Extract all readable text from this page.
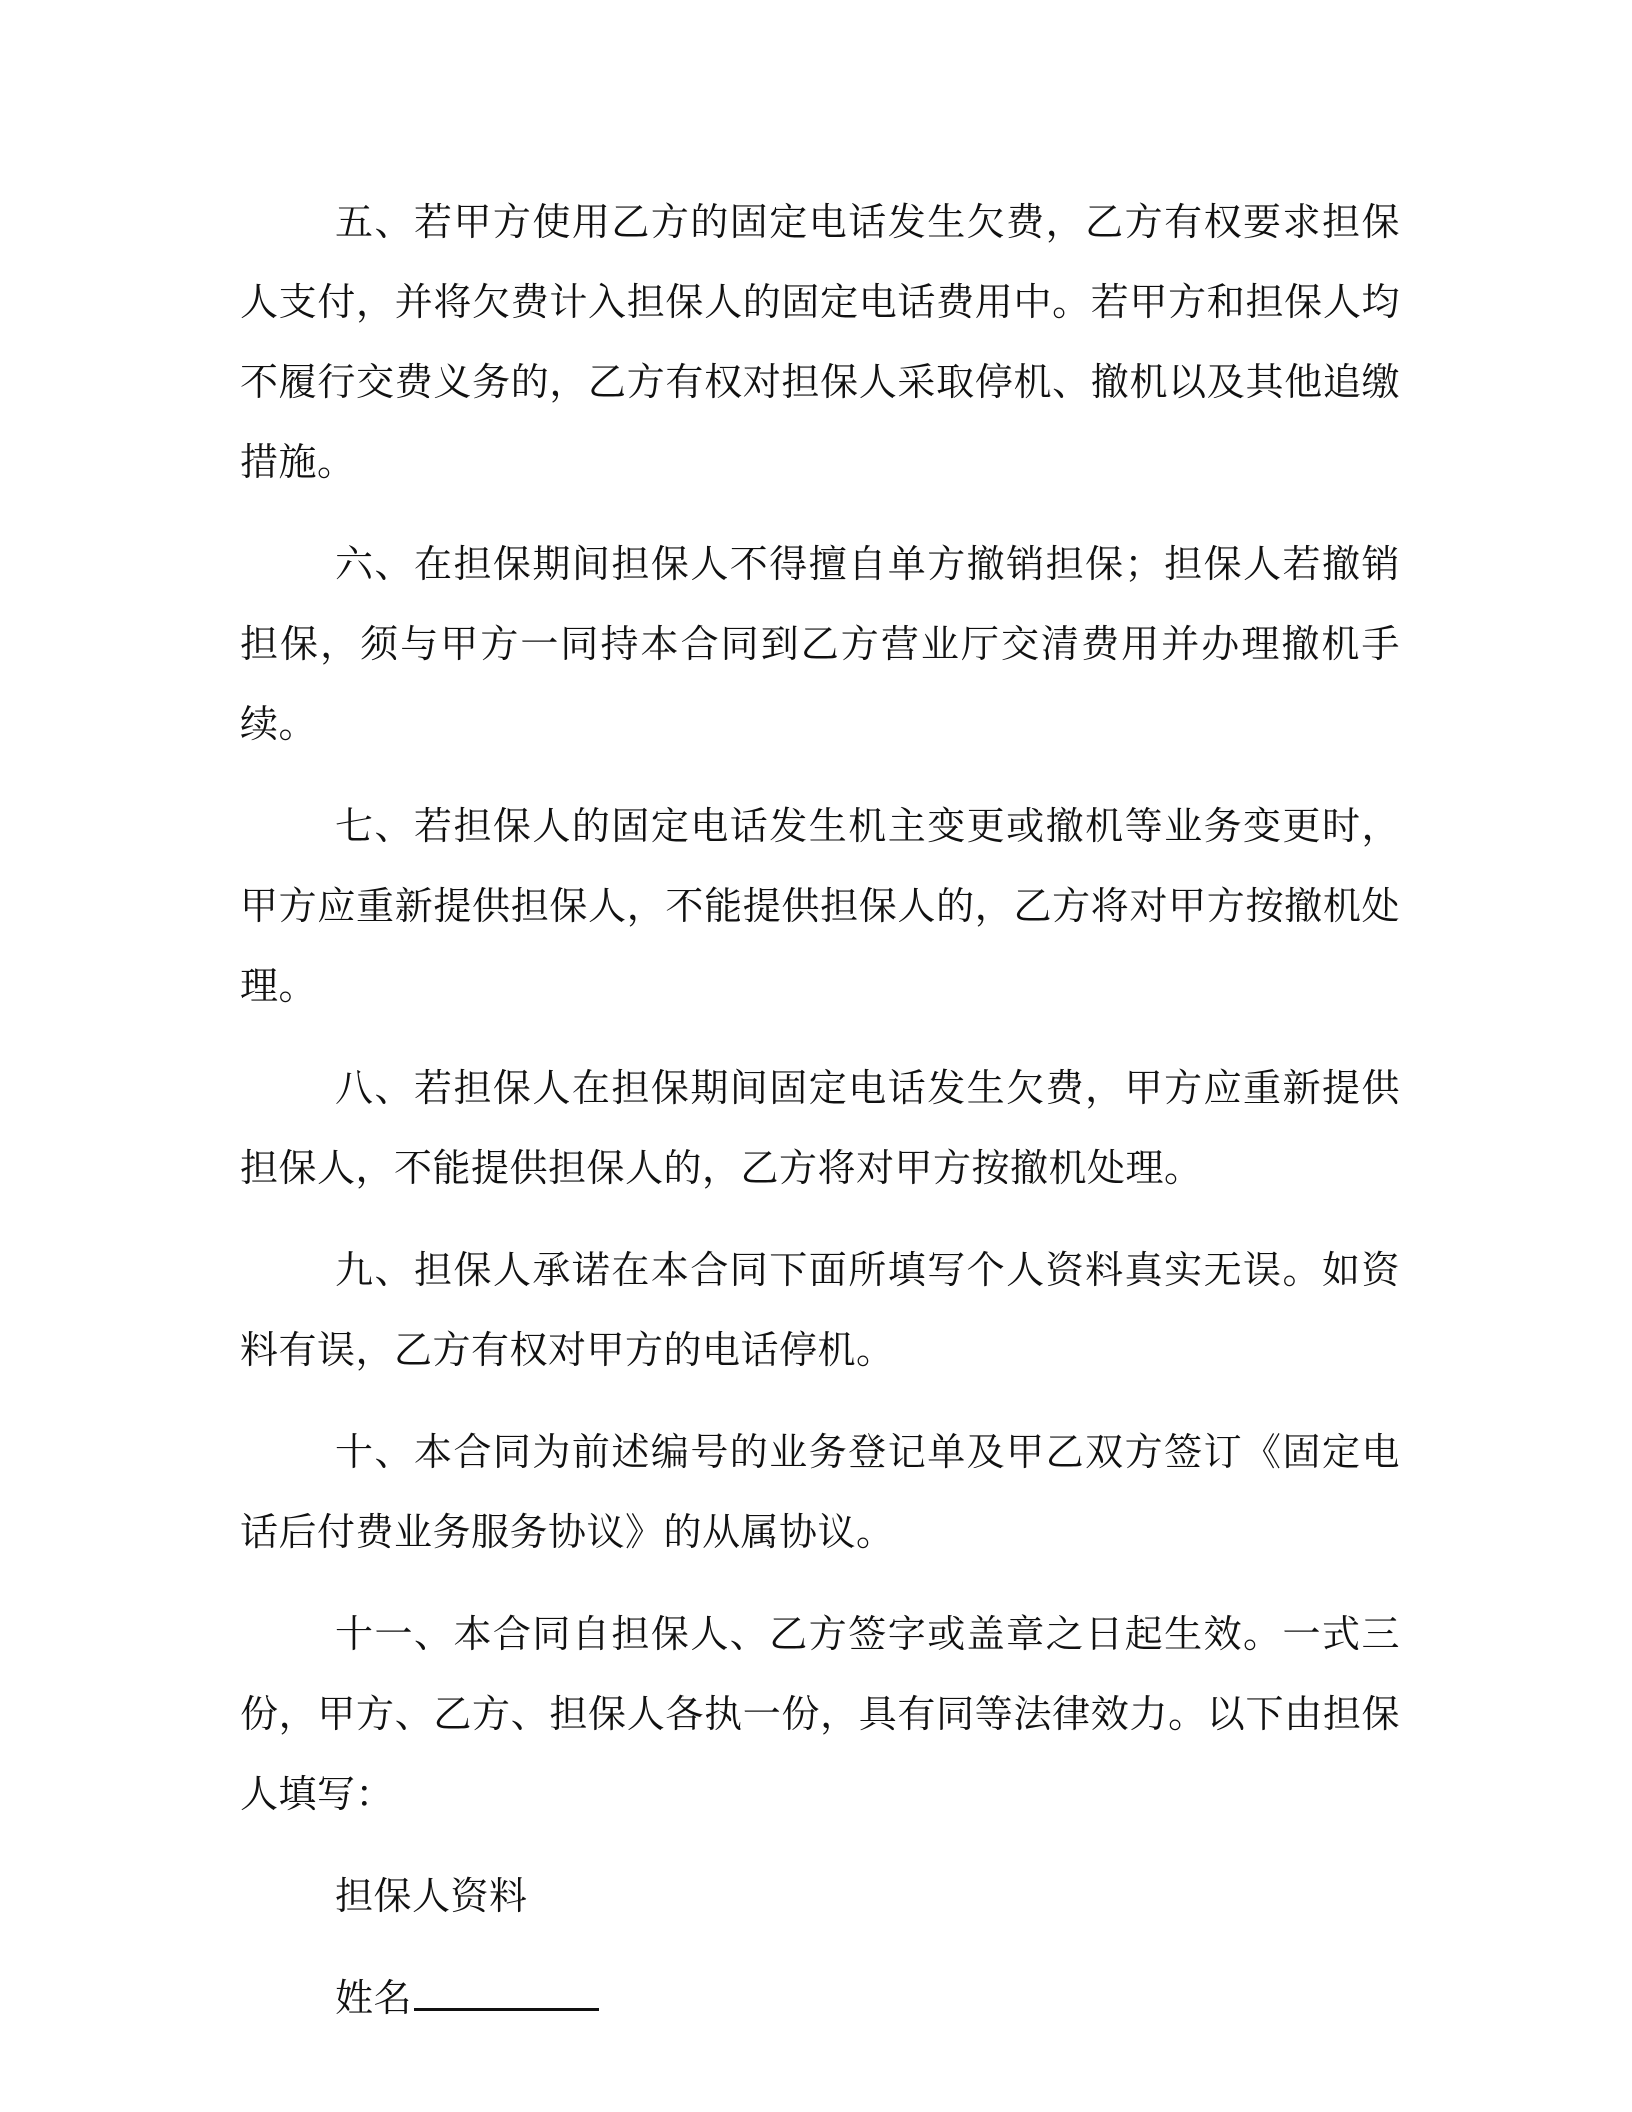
五、若甲方使用乙方的固定电话发生欠费，乙方有权要求担保人支付，并将欠费计入担保人的固定电话费用中。若甲方和担保人均不履行交费义务的，乙方有权对担保人采取停机、撤机以及其他追缴措施。

六、在担保期间担保人不得擅自单方撤销担保；担保人若撤销担保，须与甲方一同持本合同到乙方营业厅交清费用并办理撤机手续。

七、若担保人的固定电话发生机主变更或撤机等业务变更时，甲方应重新提供担保人，不能提供担保人的，乙方将对甲方按撤机处理。

八、若担保人在担保期间固定电话发生欠费，甲方应重新提供担保人，不能提供担保人的，乙方将对甲方按撤机处理。

九、担保人承诺在本合同下面所填写个人资料真实无误。如资料有误，乙方有权对甲方的电话停机。

十、本合同为前述编号的业务登记单及甲乙双方签订《固定电话后付费业务服务协议》的从属协议。

十一、本合同自担保人、乙方签字或盖章之日起生效。一式三份，甲方、乙方、担保人各执一份，具有同等法律效力。以下由担保人填写：

担保人资料

姓名
